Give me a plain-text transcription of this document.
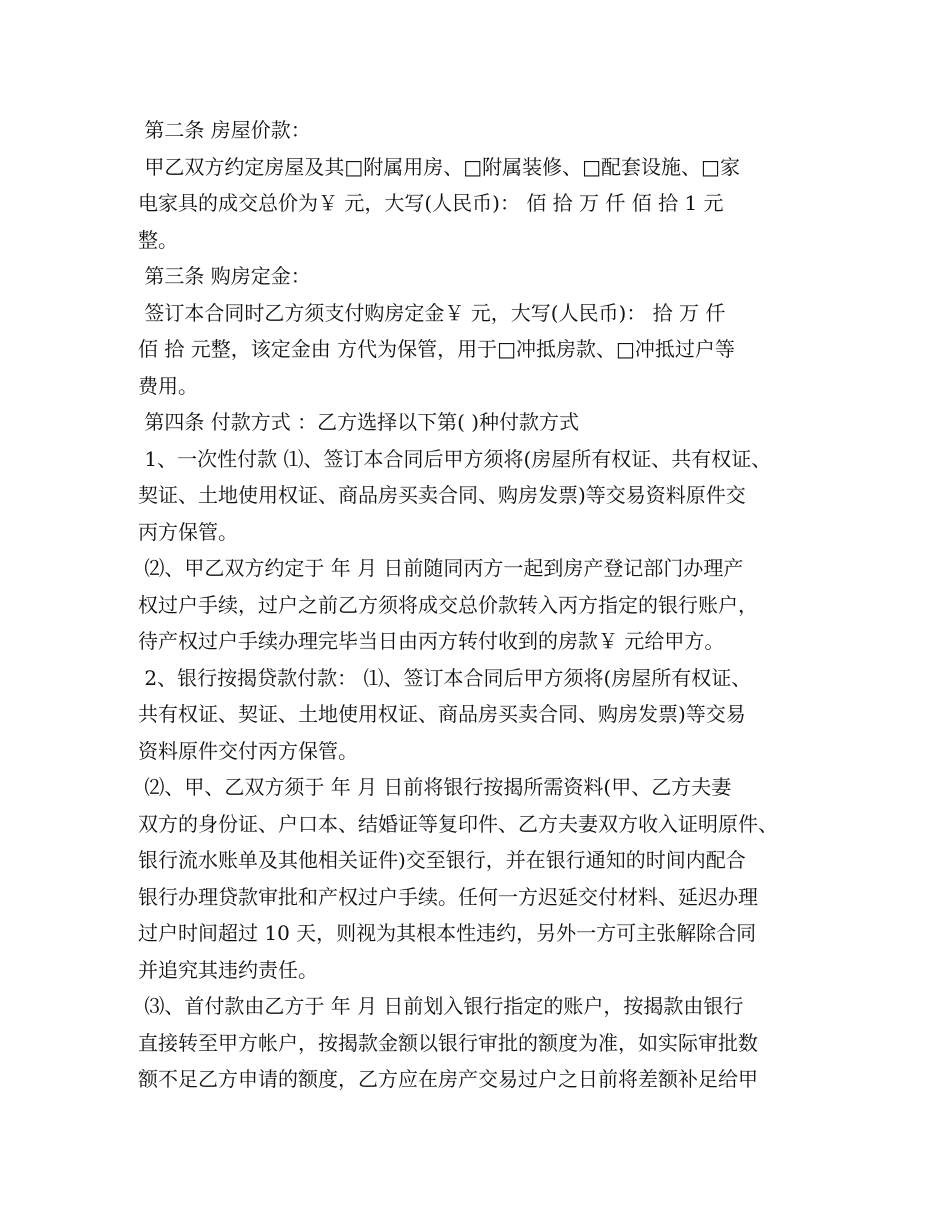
第二条 房屋价款：
甲乙双方约定房屋及其□附属用房、□附属装修、□配套设施、□家
电家具的成交总价为￥ 元，大写(人民币)： 佰 拾 万 仟 佰 拾 1 元
整。
第三条 购房定金：
签订本合同时乙方须支付购房定金￥ 元，大写(人民币)： 拾 万 仟
佰 拾 元整，该定金由 方代为保管，用于□冲抵房款、□冲抵过户等
费用。
第四条 付款方式 ：乙方选择以下第( )种付款方式
1、一次性付款 ⑴、签订本合同后甲方须将(房屋所有权证、共有权证、
契证、土地使用权证、商品房买卖合同、购房发票)等交易资料原件交
丙方保管。
⑵、甲乙双方约定于 年 月 日前随同丙方一起到房产登记部门办理产
权过户手续，过户之前乙方须将成交总价款转入丙方指定的银行账户，
待产权过户手续办理完毕当日由丙方转付收到的房款￥ 元给甲方。
2、银行按揭贷款付款： ⑴、签订本合同后甲方须将(房屋所有权证、
共有权证、契证、土地使用权证、商品房买卖合同、购房发票)等交易
资料原件交付丙方保管。
⑵、甲、乙双方须于 年 月 日前将银行按揭所需资料(甲、乙方夫妻
双方的身份证、户口本、结婚证等复印件、乙方夫妻双方收入证明原件、
银行流水账单及其他相关证件)交至银行，并在银行通知的时间内配合
银行办理贷款审批和产权过户手续。任何一方迟延交付材料、延迟办理
过户时间超过 10 天，则视为其根本性违约，另外一方可主张解除合同
并追究其违约责任。
⑶、首付款由乙方于 年 月 日前划入银行指定的账户，按揭款由银行
直接转至甲方帐户，按揭款金额以银行审批的额度为准，如实际审批数
额不足乙方申请的额度，乙方应在房产交易过户之日前将差额补足给甲
